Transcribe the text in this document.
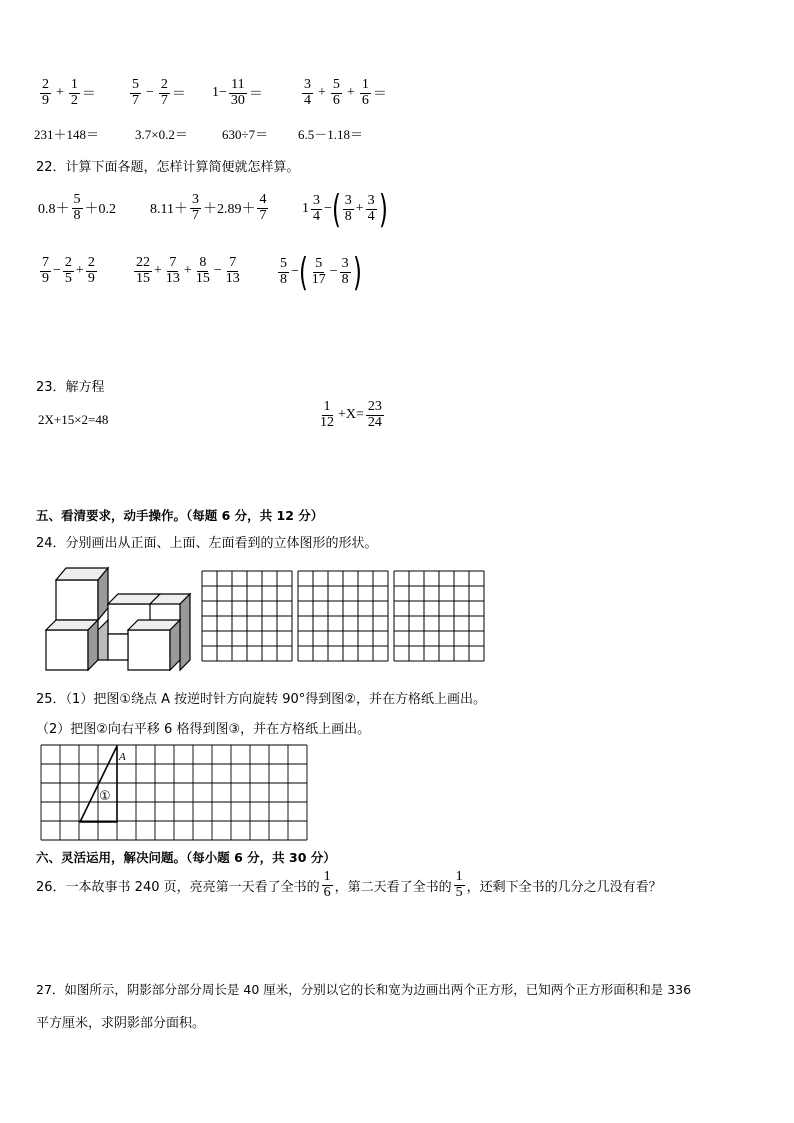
$\frac{2}{9} + \frac{1}{2} = \frac{5}{7} - \frac{2}{7} = 1- \frac{11}{30}$ ＝	$\frac{3}{4} + \frac{5}{6} + \frac{1}{6}$ ＝
231＋148＝	3.7×0.2＝	630÷7＝ 6.5－1.18＝
22．计算下面各题，怎样计算简便就怎样算。
$0.8+ \frac{5}{8} +0.2$ $8.11+ \frac{3}{7} +2.89+ \frac{4}{7} 1 \frac{3}{4}$ − ( $\frac{3}{8} + \frac{3}{4}$ )
$\frac{7}{9} - \frac{2}{5} + \frac{2}{9}$	$\frac{22}{15} + \frac{7}{13} + \frac{8}{15} - \frac{7}{13}$	$\frac{5}{8}$ − ( $\frac{5}{17} - \frac{3}{8}$ )
23．解方程
2X+15×2=48	$\frac{1}{12} +X= \frac{23}{24}$
五、看清要求，动手操作。（每题 6 分，共 12 分）
24．分别画出从正面、上面、左面看到的立体图形的形状。
25．（1）把图①绕点 A 按逆时针方向旋转 90°得到图②，并在方格纸上画出。
（2）把图②向右平移 6 格得到图③，并在方格纸上画出。
A
①
六、灵活运用，解决问题。（每小题 6 分，共 30 分）
26．一本故事书 240 页，亮亮第一天看了全书的 $\frac{1}{6}$ ，第二天看了全书的 $\frac{1}{5}$ ，还剩下全书的几分之几没有看？
27．如图所示，阴影部分部分周长是 40 厘米，分别以它的长和宽为边画出两个正方形，已知两个正方形面积和是 336
平方厘米，求阴影部分面积。
